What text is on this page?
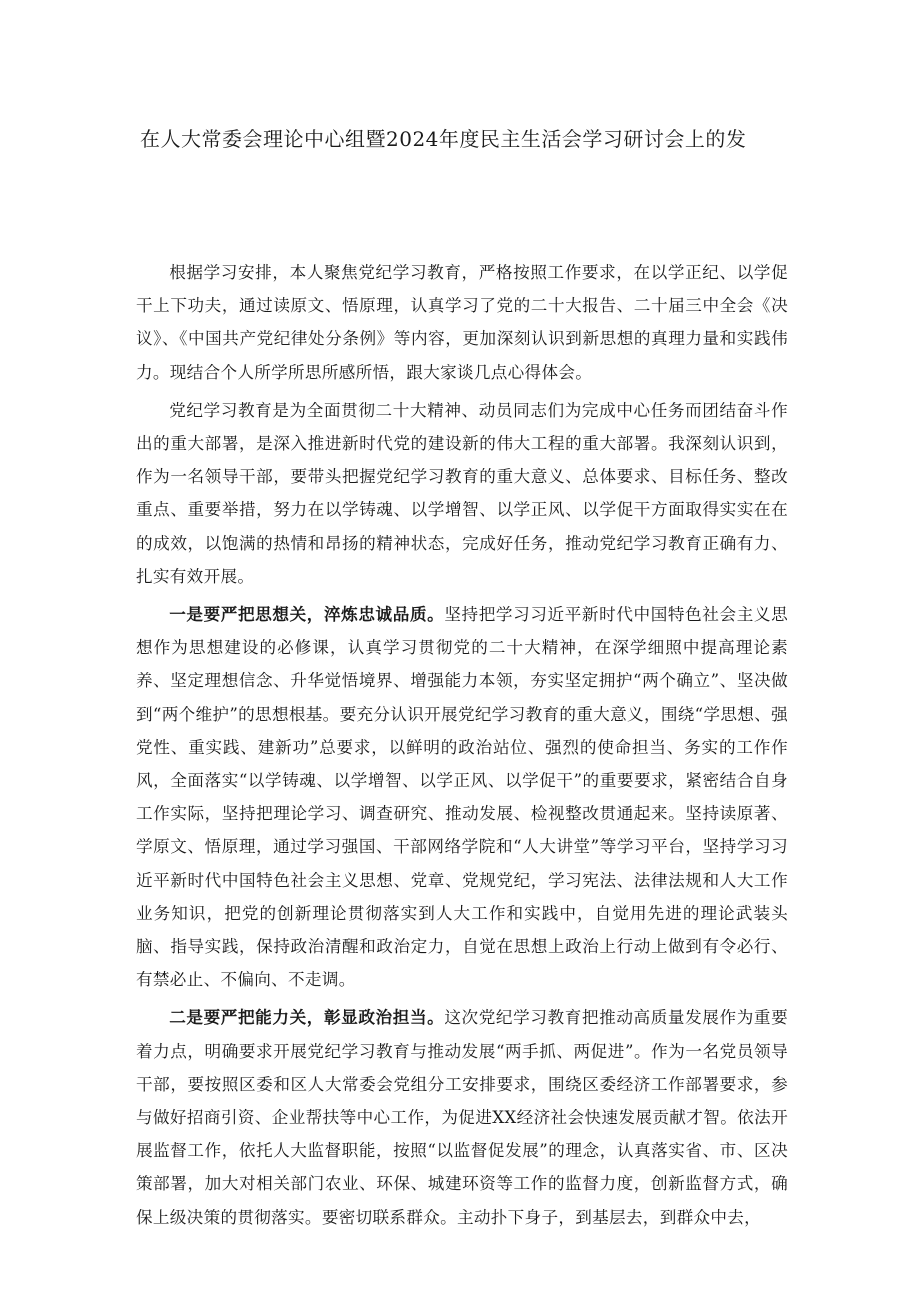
在人大常委会理论中心组暨2024年度民主生活会学习研讨会上的发

根据学习安排，本人聚焦党纪学习教育，严格按照工作要求，在以学正纪、以学促干上下功夫，通过读原文、悟原理，认真学习了党的二十大报告、二十届三中全会《决议》、《中国共产党纪律处分条例》等内容，更加深刻认识到新思想的真理力量和实践伟力。现结合个人所学所思所感所悟，跟大家谈几点心得体会。

党纪学习教育是为全面贯彻二十大精神、动员同志们为完成中心任务而团结奋斗作出的重大部署，是深入推进新时代党的建设新的伟大工程的重大部署。我深刻认识到，作为一名领导干部，要带头把握党纪学习教育的重大意义、总体要求、目标任务、整改重点、重要举措，努力在以学铸魂、以学增智、以学正风、以学促干方面取得实实在在的成效，以饱满的热情和昂扬的精神状态，完成好任务，推动党纪学习教育正确有力、扎实有效开展。

一是要严把思想关，淬炼忠诚品质。坚持把学习习近平新时代中国特色社会主义思想作为思想建设的必修课，认真学习贯彻党的二十大精神，在深学细照中提高理论素养、坚定理想信念、升华觉悟境界、增强能力本领，夯实坚定拥护“两个确立”、坚决做到“两个维护”的思想根基。要充分认识开展党纪学习教育的重大意义，围绕“学思想、强党性、重实践、建新功”总要求，以鲜明的政治站位、强烈的使命担当、务实的工作作风，全面落实“以学铸魂、以学增智、以学正风、以学促干”的重要要求，紧密结合自身工作实际，坚持把理论学习、调查研究、推动发展、检视整改贯通起来。坚持读原著、学原文、悟原理，通过学习强国、干部网络学院和“人大讲堂”等学习平台，坚持学习习近平新时代中国特色社会主义思想、党章、党规党纪，学习宪法、法律法规和人大工作业务知识，把党的创新理论贯彻落实到人大工作和实践中，自觉用先进的理论武装头脑、指导实践，保持政治清醒和政治定力，自觉在思想上政治上行动上做到有令必行、有禁必止、不偏向、不走调。

二是要严把能力关，彰显政治担当。这次党纪学习教育把推动高质量发展作为重要着力点，明确要求开展党纪学习教育与推动发展“两手抓、两促进”。作为一名党员领导干部，要按照区委和区人大常委会党组分工安排要求，围绕区委经济工作部署要求，参与做好招商引资、企业帮扶等中心工作，为促进XX经济社会快速发展贡献才智。依法开展监督工作，依托人大监督职能，按照“以监督促发展”的理念，认真落实省、市、区决策部署，加大对相关部门农业、环保、城建环资等工作的监督力度，创新监督方式，确保上级决策的贯彻落实。要密切联系群众。主动扑下身子，到基层去，到群众中去，
